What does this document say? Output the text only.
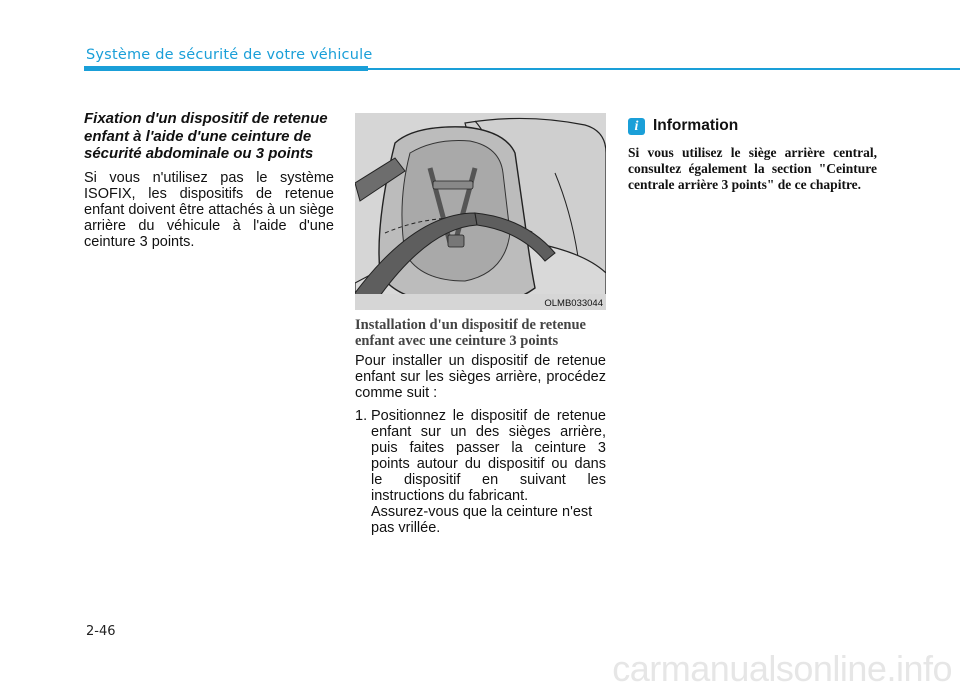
Système de sécurité de votre véhicule
Fixation d'un dispositif de retenue enfant à l'aide d'une ceinture de sécurité abdominale ou 3 points

Si vous n'utilisez pas le système ISOFIX, les dispositifs de retenue enfant doivent être attachés à un siège arrière du véhicule à l'aide d'une ceinture 3 points.

OLMB033044
Installation d'un dispositif de retenue enfant avec une ceinture 3 points

Pour installer un dispositif de retenue enfant sur les sièges arrière, procédez comme suit :

1. Positionnez le dispositif de retenue enfant sur un des sièges arrière, puis faites passer la ceinture 3 points autour du dispositif ou dans le dispositif en suivant les instructions du fabricant.

Assurez-vous que la ceinture n'est pas vrillée.

i Information

Si vous utilisez le siège arrière central, consultez également la section "Ceinture centrale arrière 3 points" de ce chapitre.

2-46
carmanualsonline.info
